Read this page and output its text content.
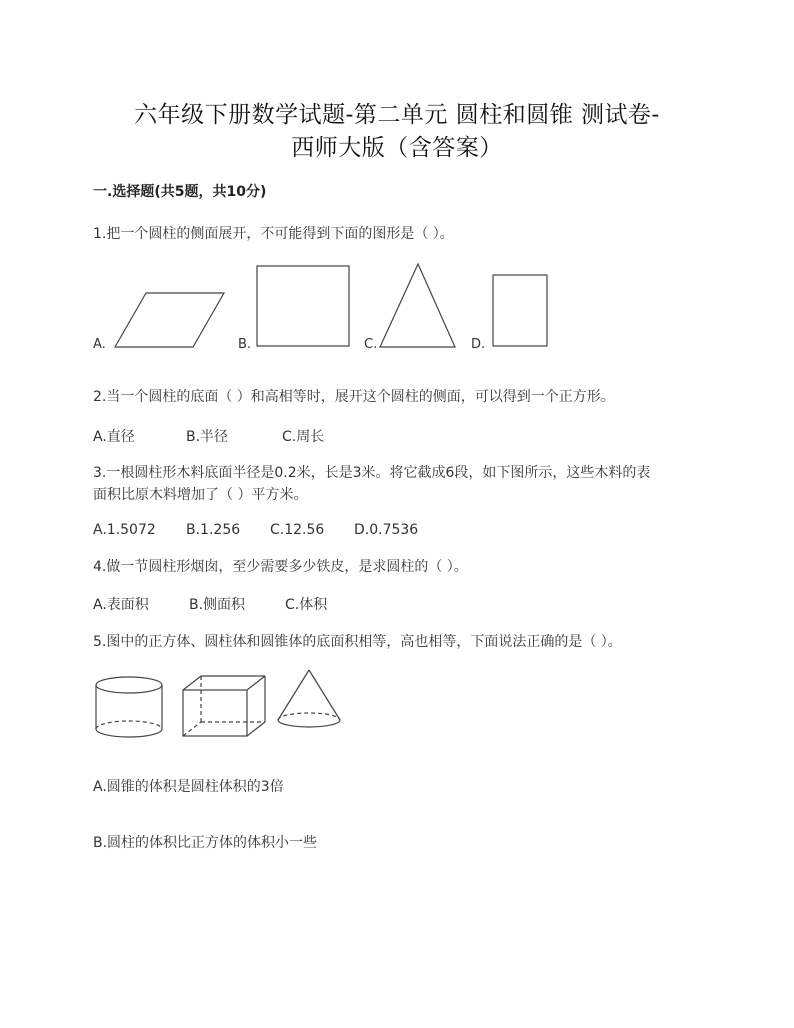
六年级下册数学试题-第二单元 圆柱和圆锥 测试卷-
西师大版（含答案）
一.选择题(共5题，共10分)
1.把一个圆柱的侧面展开，不可能得到下面的图形是（ ）。
A.	B.	C.	D.
2.当一个圆柱的底面（ ）和高相等时，展开这个圆柱的侧面，可以得到一个正方形。
A.直径	B.半径	C.周长
3.一根圆柱形木料底面半径是0.2米，长是3米。将它截成6段，如下图所示，这些木料的表
面积比原木料增加了（ ）平方米。
A.1.5072 B.1.256 C.12.56 D.0.7536
4.做一节圆柱形烟囱，至少需要多少铁皮，是求圆柱的（ ）。
A.表面积	B.侧面积	C.体积
5.图中的正方体、圆柱体和圆锥体的底面积相等，高也相等，下面说法正确的是（ ）。
A.圆锥的体积是圆柱体积的3倍
B.圆柱的体积比正方体的体积小一些
